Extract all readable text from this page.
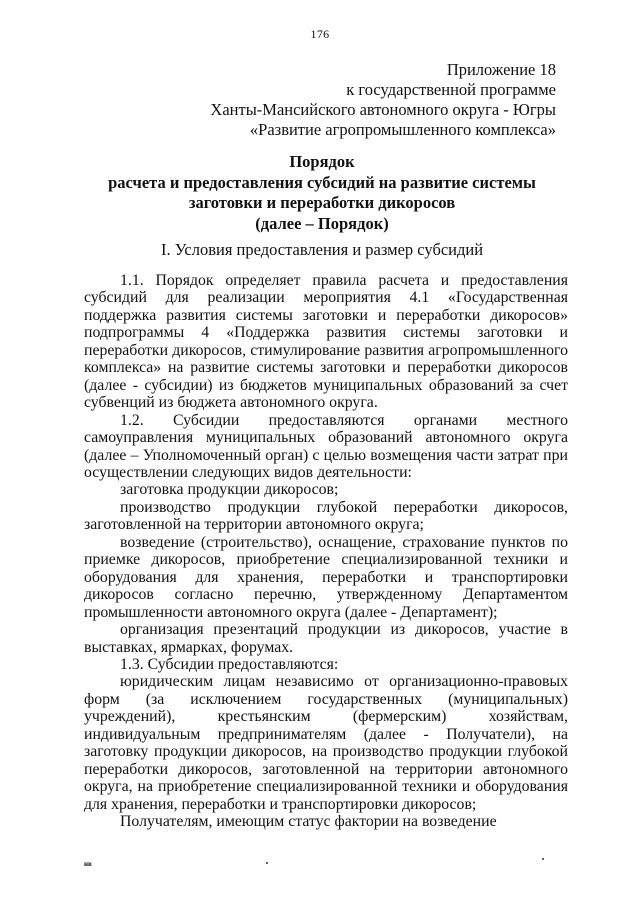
176
Приложение 18
к государственной программе
Ханты-Мансийского автономного округа - Югры
«Развитие агропромышленного комплекса»
Порядок
расчета и предоставления субсидий на развитие системы
заготовки и переработки дикоросов
(далее – Порядок)
I. Условия предоставления и размер субсидий

1.1. Порядок определяет правила расчета и предоставления субсидий для реализации мероприятия 4.1 «Государственная поддержка развития системы заготовки и переработки дикоросов» подпрограммы 4 «Поддержка развития системы заготовки и переработки дикоросов, стимулирование развития агропромышленного комплекса» на развитие системы заготовки и переработки дикоросов (далее - субсидии) из бюджетов муниципальных образований за счет субвенций из бюджета автономного округа.

1.2. Субсидии предоставляются органами местного самоуправления муниципальных образований автономного округа (далее – Уполномоченный орган) с целью возмещения части затрат при осуществлении следующих видов деятельности:

заготовка продукции дикоросов;

производство продукции глубокой переработки дикоросов, заготовленной на территории автономного округа;

возведение (строительство), оснащение, страхование пунктов по приемке дикоросов, приобретение специализированной техники и оборудования для хранения, переработки и транспортировки дикоросов согласно перечню, утвержденному Департаментом промышленности автономного округа (далее - Департамент);

организация презентаций продукции из дикоросов, участие в выставках, ярмарках, форумах.

1.3. Субсидии предоставляются:

юридическим лицам независимо от организационно-правовых форм (за исключением государственных (муниципальных) учреждений), крестьянским (фермерским) хозяйствам, индивидуальным предпринимателям (далее - Получатели), на заготовку продукции дикоросов, на производство продукции глубокой переработки дикоросов, заготовленной на территории автономного округа, на приобретение специализированной техники и оборудования для хранения, переработки и транспортировки дикоросов;

Получателям, имеющим статус фактории на возведение

нв
